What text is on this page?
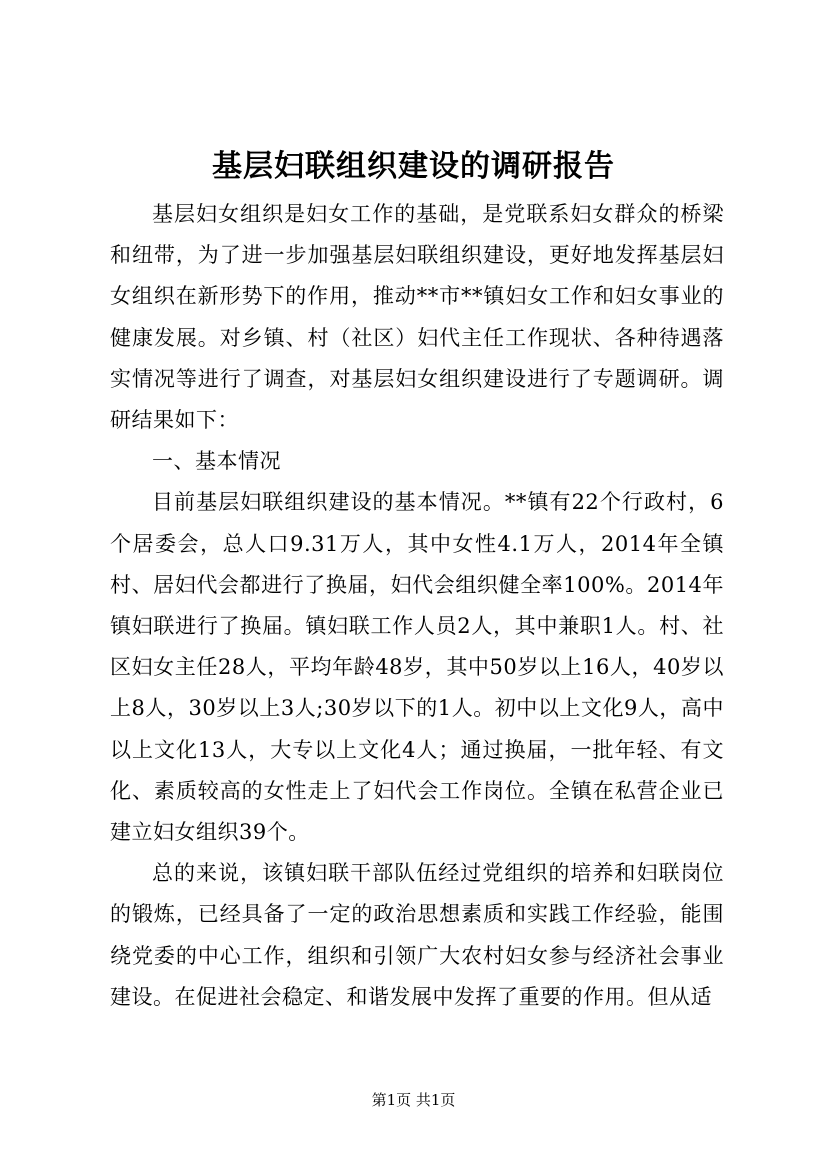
基层妇联组织建设的调研报告

基层妇女组织是妇女工作的基础，是党联系妇女群众的桥梁和纽带，为了进一步加强基层妇联组织建设，更好地发挥基层妇女组织在新形势下的作用，推动**市**镇妇女工作和妇女事业的健康发展。对乡镇、村（社区）妇代主任工作现状、各种待遇落实情况等进行了调查，对基层妇女组织建设进行了专题调研。调研结果如下：

一、基本情况

目前基层妇联组织建设的基本情况。**镇有22个行政村，6个居委会，总人口9.31万人，其中女性4.1万人，2014年全镇村、居妇代会都进行了换届，妇代会组织健全率100%。2014年镇妇联进行了换届。镇妇联工作人员2人，其中兼职1人。村、社区妇女主任28人，平均年龄48岁，其中50岁以上16人，40岁以上8人，30岁以上3人;30岁以下的1人。初中以上文化9人，高中以上文化13人，大专以上文化4人；通过换届，一批年轻、有文化、素质较高的女性走上了妇代会工作岗位。全镇在私营企业已建立妇女组织39个。

总的来说，该镇妇联干部队伍经过党组织的培养和妇联岗位的锻炼，已经具备了一定的政治思想素质和实践工作经验，能围绕党委的中心工作，组织和引领广大农村妇女参与经济社会事业建设。在促进社会稳定、和谐发展中发挥了重要的作用。但从适

第1页 共1页
